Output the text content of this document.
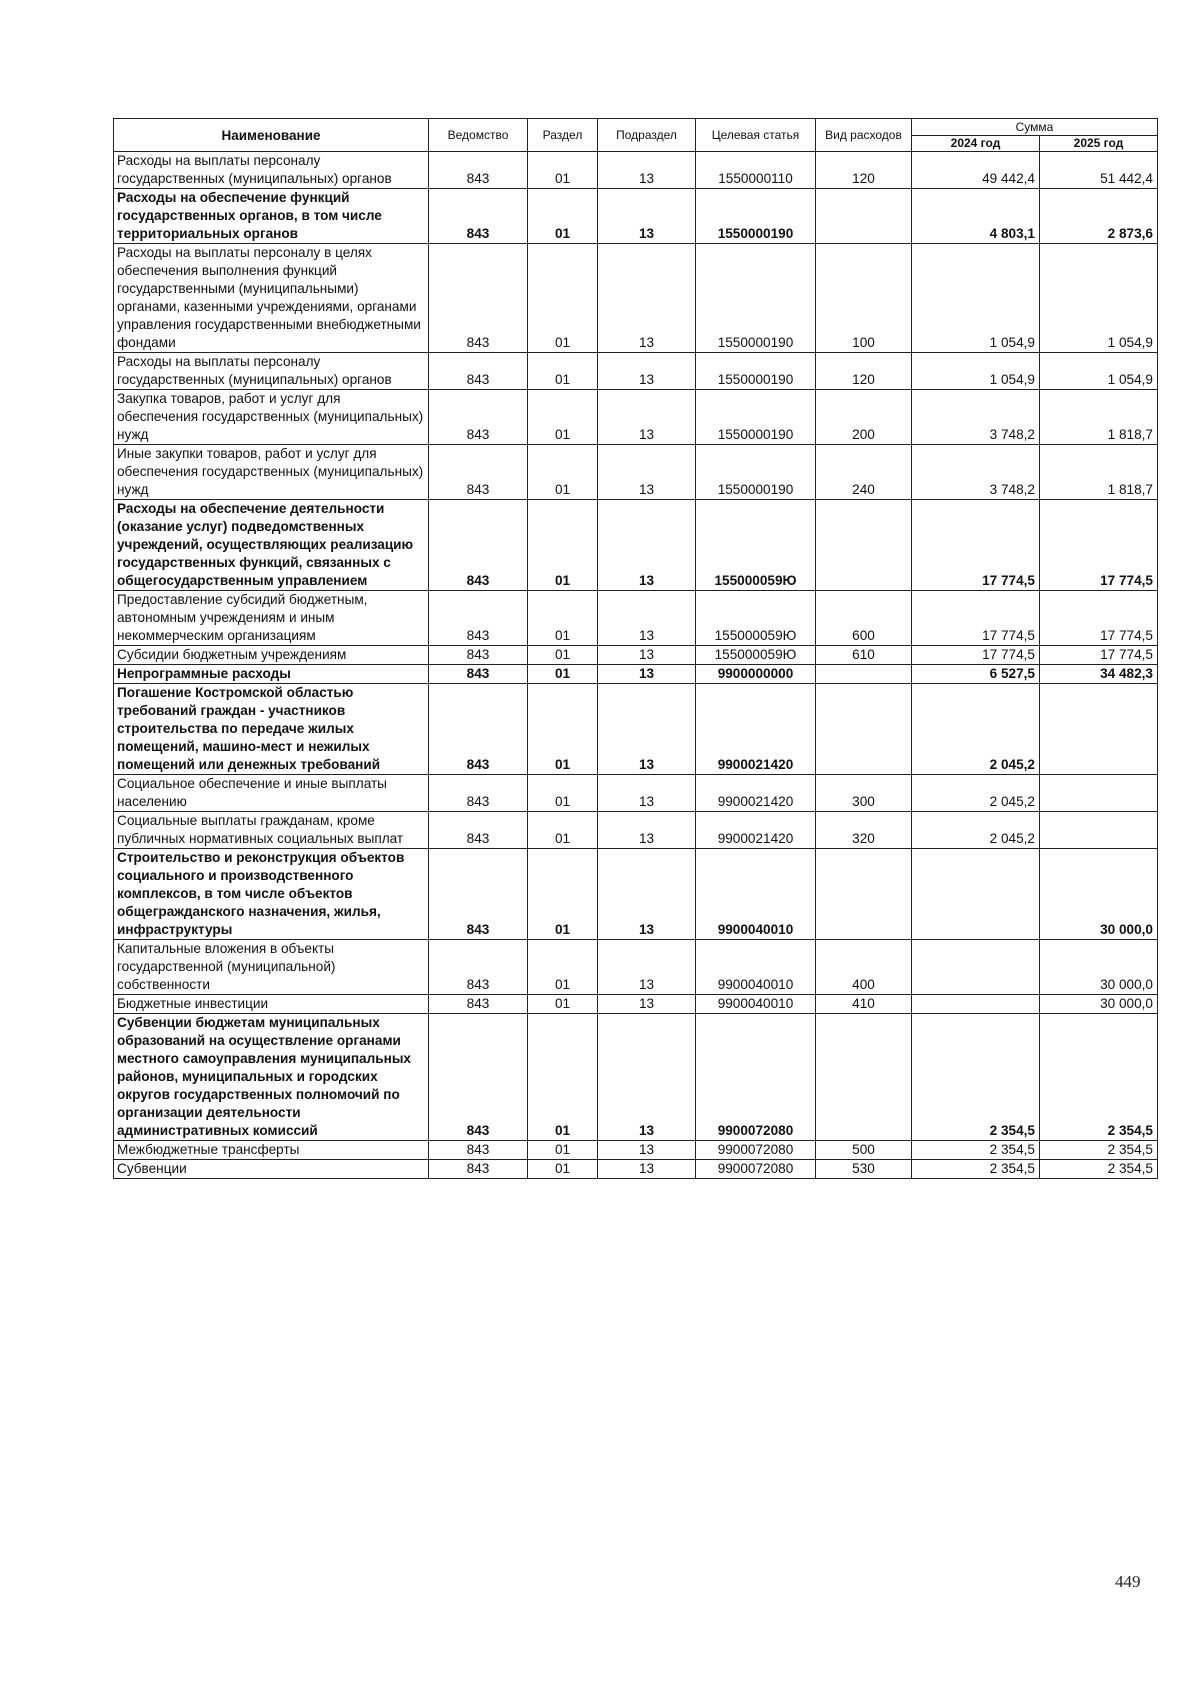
Наименование	Ведомство	Раздел	Подраздел	Целевая статья	Вид расходов	Сумма	
						2024 год	2025 год
Расходы на выплаты персоналу государственных (муниципальных) органов	843	01	13	1550000110	120	49 442,4	51 442,4
Расходы на обеспечение функций государственных органов, в том числе территориальных органов	843	01	13	1550000190		4 803,1	2 873,6
Расходы на выплаты персоналу в целях обеспечения выполнения функций государственными (муниципальными) органами, казенными учреждениями, органами управления государственными внебюджетными фондами	843	01	13	1550000190	100	1 054,9	1 054,9
Расходы на выплаты персоналу государственных (муниципальных) органов	843	01	13	1550000190	120	1 054,9	1 054,9
Закупка товаров, работ и услуг для обеспечения государственных (муниципальных) нужд	843	01	13	1550000190	200	3 748,2	1 818,7
Иные закупки товаров, работ и услуг для обеспечения государственных (муниципальных) нужд	843	01	13	1550000190	240	3 748,2	1 818,7
Расходы на обеспечение деятельности (оказание услуг) подведомственных учреждений, осуществляющих реализацию государственных функций, связанных с общегосударственным управлением	843	01	13	155000059Ю		17 774,5	17 774,5
Предоставление субсидий бюджетным, автономным учреждениям и иным некоммерческим организациям	843	01	13	155000059Ю	600	17 774,5	17 774,5
Субсидии бюджетным учреждениям	843	01	13	155000059Ю	610	17 774,5	17 774,5
Непрограммные расходы	843	01	13	9900000000		6 527,5	34 482,3
Погашение Костромской областью требований граждан - участников строительства по передаче жилых помещений, машино-мест и нежилых помещений или денежных требований	843	01	13	9900021420		2 045,2	
Социальное обеспечение и иные выплаты населению	843	01	13	9900021420	300	2 045,2	
Социальные выплаты гражданам, кроме публичных нормативных социальных выплат	843	01	13	9900021420	320	2 045,2	
Строительство и реконструкция объектов социального и производственного комплексов, в том числе объектов общегражданского назначения, жилья, инфраструктуры	843	01	13	9900040010			30 000,0
Капитальные вложения в объекты государственной (муниципальной) собственности	843	01	13	9900040010	400		30 000,0
Бюджетные инвестиции	843	01	13	9900040010	410		30 000,0
Субвенции бюджетам муниципальных образований на осуществление органами местного самоуправления муниципальных районов, муниципальных и городских округов государственных полномочий по организации деятельности административных комиссий	843	01	13	9900072080		2 354,5	2 354,5
Межбюджетные трансферты	843	01	13	9900072080	500	2 354,5	2 354,5
Субвенции	843	01	13	9900072080	530	2 354,5	2 354,5
449
